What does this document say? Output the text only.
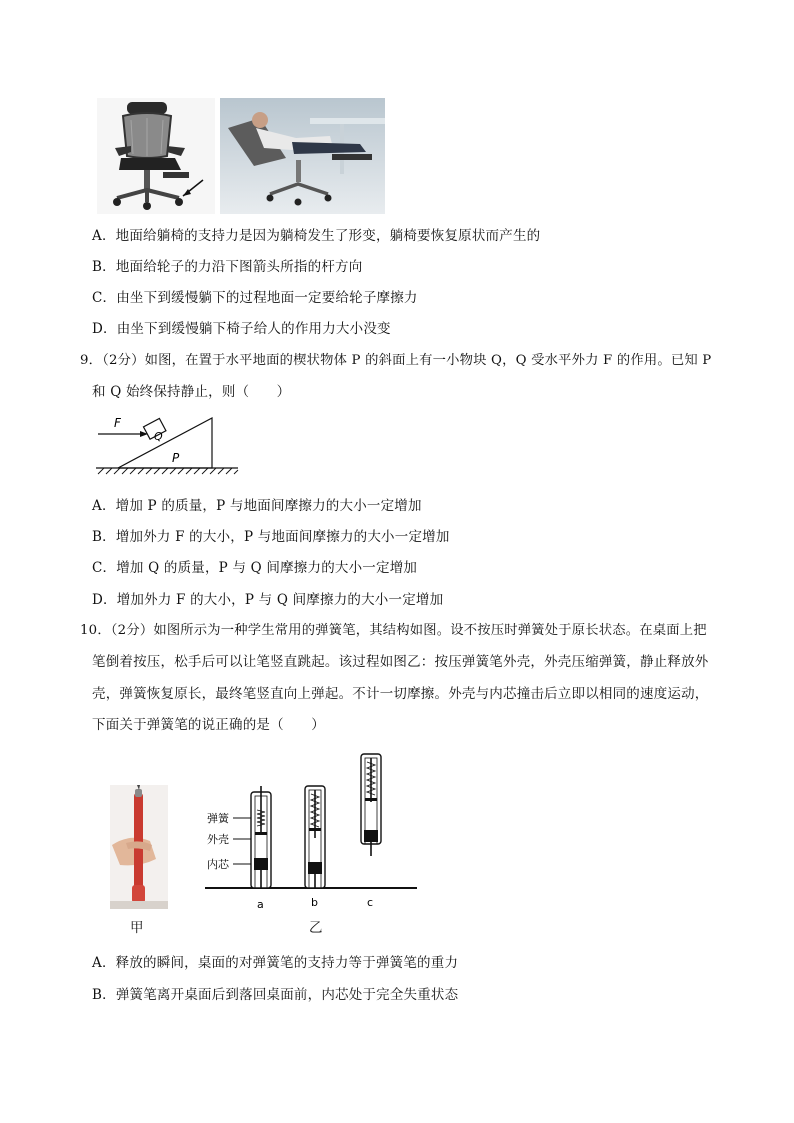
A．地面给躺椅的支持力是因为躺椅发生了形变，躺椅要恢复原状而产生的
B．地面给轮子的力沿下图箭头所指的杆方向
C．由坐下到缓慢躺下的过程地面一定要给轮子摩擦力
D．由坐下到缓慢躺下椅子给人的作用力大小没变
9．（2分）如图，在置于水平地面的楔状物体 P 的斜面上有一小物块 Q，Q 受水平外力 F 的作用。已知 P
和 Q 始终保持静止，则（　　）
Q
P
F
A．增加 P 的质量，P 与地面间摩擦力的大小一定增加
B．增加外力 F 的大小，P 与地面间摩擦力的大小一定增加
C．增加 Q 的质量，P 与 Q 间摩擦力的大小一定增加
D．增加外力 F 的大小，P 与 Q 间摩擦力的大小一定增加
10．（2分）如图所示为一种学生常用的弹簧笔，其结构如图。设不按压时弹簧处于原长状态。在桌面上把
笔倒着按压，松手后可以让笔竖直跳起。该过程如图乙：按压弹簧笔外壳，外壳压缩弹簧，静止释放外
壳，弹簧恢复原长，最终笔竖直向上弹起。不计一切摩擦。外壳与内芯撞击后立即以相同的速度运动，
下面关于弹簧笔的说正确的是（　　）
甲
弹簧
外壳
内芯
a	b	c
乙
A．释放的瞬间，桌面的对弹簧笔的支持力等于弹簧笔的重力
B．弹簧笔离开桌面后到落回桌面前，内芯处于完全失重状态
